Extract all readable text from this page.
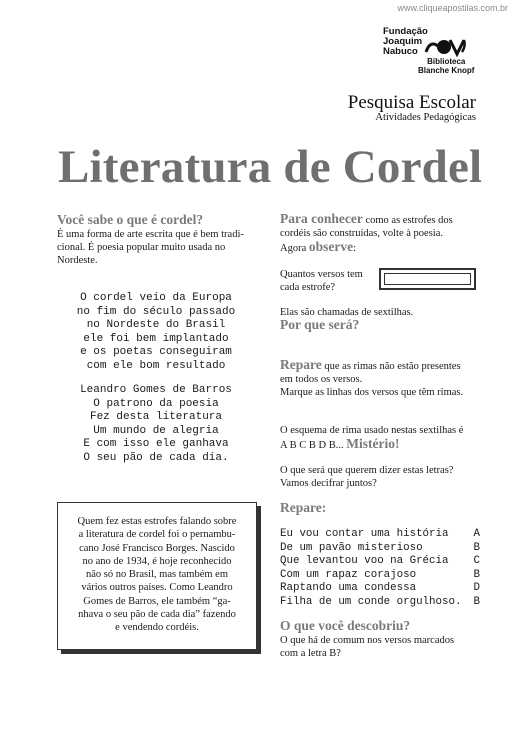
www.cliqueapostilas.com.br
Fundação
Joaquim
Nabuco
Biblioteca
Blanche Knopf
Pesquisa Escolar
Atividades Pedagógicas
Literatura de Cordel
Você sabe o que é cordel?
É uma forma de arte escrita que é bem tradi-
cional. É poesia popular muito usada no
Nordeste.
O cordel veio da Europa
no fim do século passado
no Nordeste do Brasil
ele foi bem implantado
e os poetas conseguiram
com ele bom resultado
Leandro Gomes de Barros
O patrono da poesia
Fez desta literatura
Um mundo de alegria
E com isso ele ganhava
O seu pão de cada dia.
Quem fez estas estrofes falando sobre
a literatura de cordel foi o pernambu-
cano José Francisco Borges. Nascido
no ano de 1934, é hoje reconhecido
não só no Brasil, mas também em
vários outros países. Como Leandro
Gomes de Barros, ele também “ga-
nhava o seu pão de cada dia” fazendo
e vendendo cordéis.
Para conhecer como as estrofes dos
cordéis são construídas, volte à poesia.
Agora observe:
Quantos versos tem
cada estrofe?
Elas são chamadas de sextilhas.
Por que será?
Repare que as rimas não estão presentes
em todos os versos.
Marque as linhas dos versos que têm rimas.
O esquema de rima usado nestas sextilhas é
A B C B D B... Mistério!
O que será que querem dizer estas letras?
Vamos decifrar juntos?
Repare:
Eu vou contar uma história A
De um pavão misterioso	B
Que levantou voo na Grécia C
Com um rapaz corajoso	B
Raptando uma condessa	D
Filha de um conde orgulhoso. B
O que você descobriu?
O que há de comum nos versos marcados
com a letra B?
